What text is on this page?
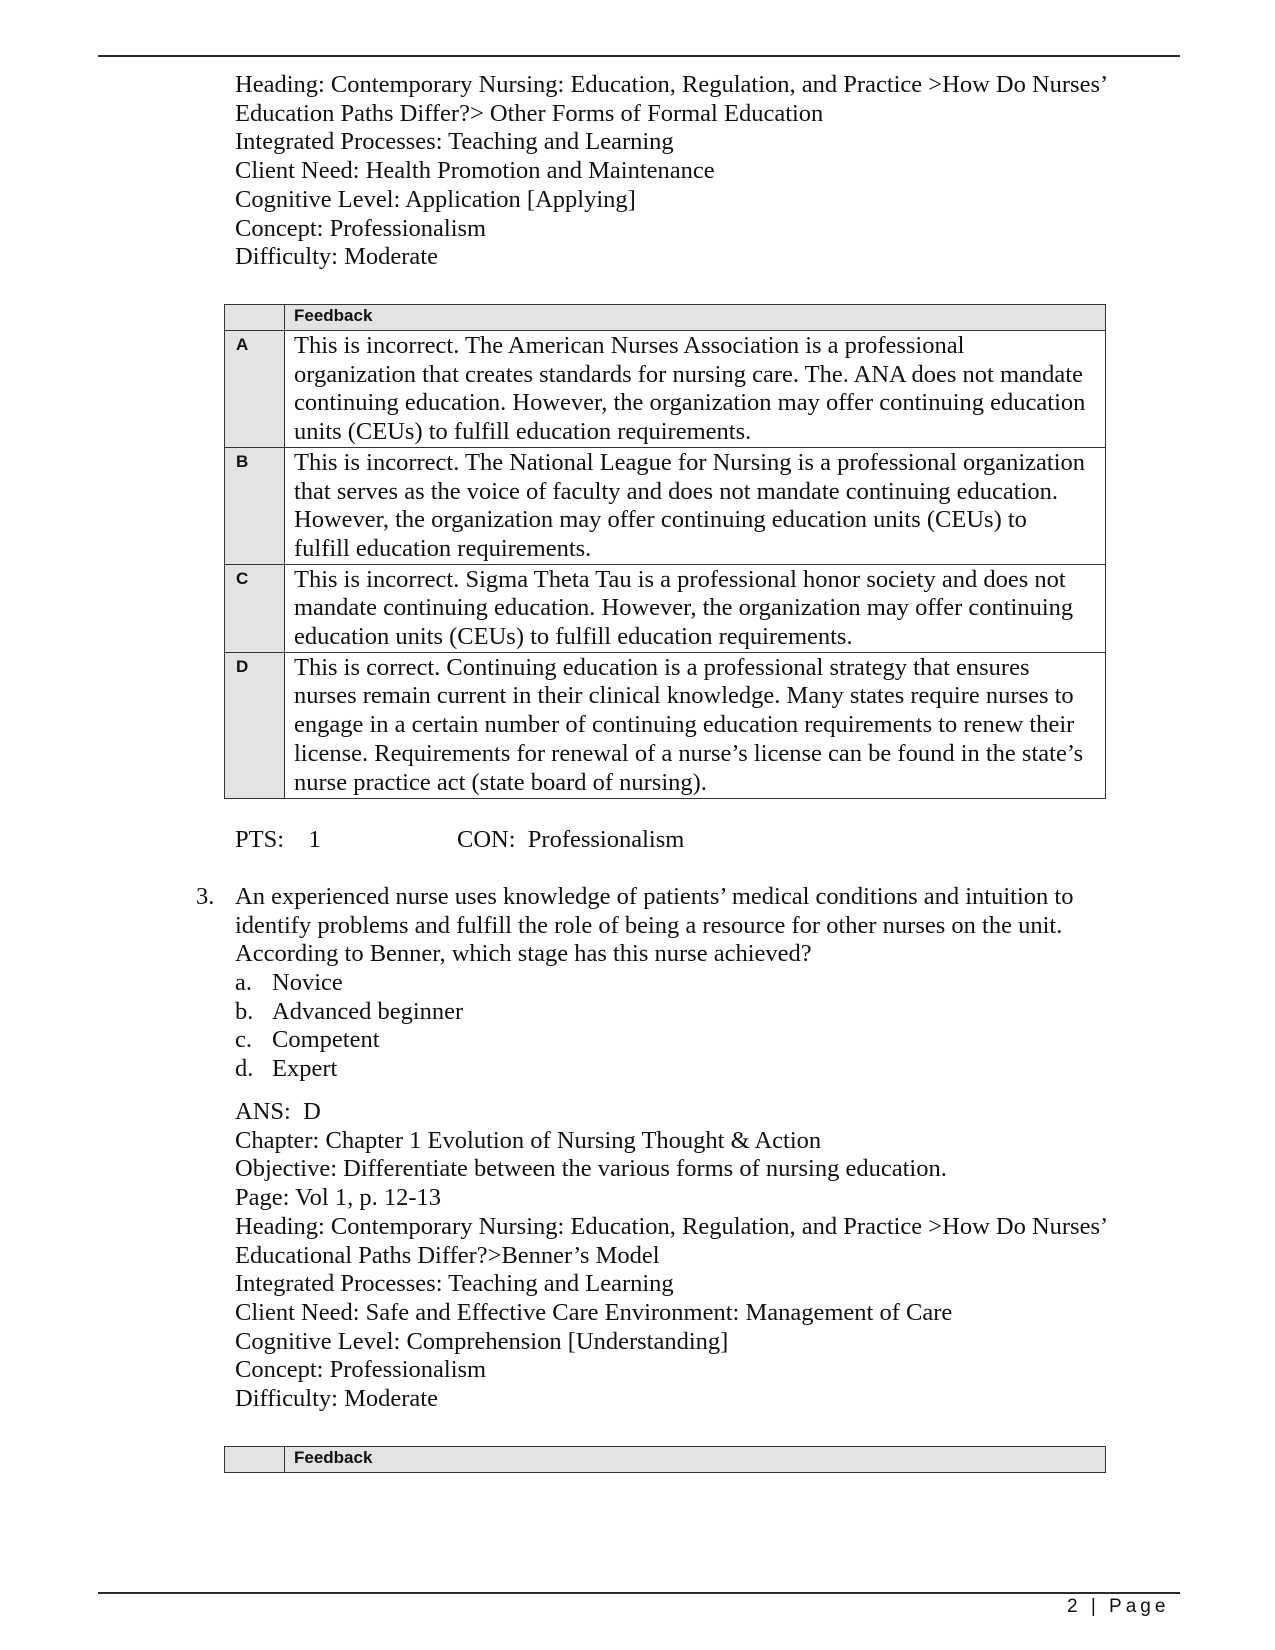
Heading: Contemporary Nursing: Education, Regulation, and Practice >How Do Nurses’
Education Paths Differ?> Other Forms of Formal Education
Integrated Processes: Teaching and Learning
Client Need: Health Promotion and Maintenance
Cognitive Level: Application [Applying]
Concept: Professionalism
Difficulty: Moderate
	Feedback
A	This is incorrect. The American Nurses Association is a professional
organization that creates standards for nursing care. The. ANA does not mandate
continuing education. However, the organization may offer continuing education
units (CEUs) to fulfill education requirements.

B	This is incorrect. The National League for Nursing is a professional organization
that serves as the voice of faculty and does not mandate continuing education.
However, the organization may offer continuing education units (CEUs) to
fulfill education requirements.

C	This is incorrect. Sigma Theta Tau is a professional honor society and does not
mandate continuing education. However, the organization may offer continuing
education units (CEUs) to fulfill education requirements.

D	This is correct. Continuing education is a professional strategy that ensures
nurses remain current in their clinical knowledge. Many states require nurses to
engage in a certain number of continuing education requirements to renew their
license. Requirements for renewal of a nurse’s license can be found in the state’s
nurse practice act (state board of nursing).
PTS:    1	CON:  Professionalism
3. An experienced nurse uses knowledge of patients’ medical conditions and intuition to
identify problems and fulfill the role of being a resource for other nurses on the unit.
According to Benner, which stage has this nurse achieved?
a. Novice
b. Advanced beginner
c. Competent
d. Expert
ANS:  D
Chapter: Chapter 1 Evolution of Nursing Thought & Action
Objective: Differentiate between the various forms of nursing education.
Page: Vol 1, p. 12-13
Heading: Contemporary Nursing: Education, Regulation, and Practice >How Do Nurses’
Educational Paths Differ?>Benner’s Model
Integrated Processes: Teaching and Learning
Client Need: Safe and Effective Care Environment: Management of Care
Cognitive Level: Comprehension [Understanding]
Concept: Professionalism
Difficulty: Moderate
	Feedback
2 | Page
